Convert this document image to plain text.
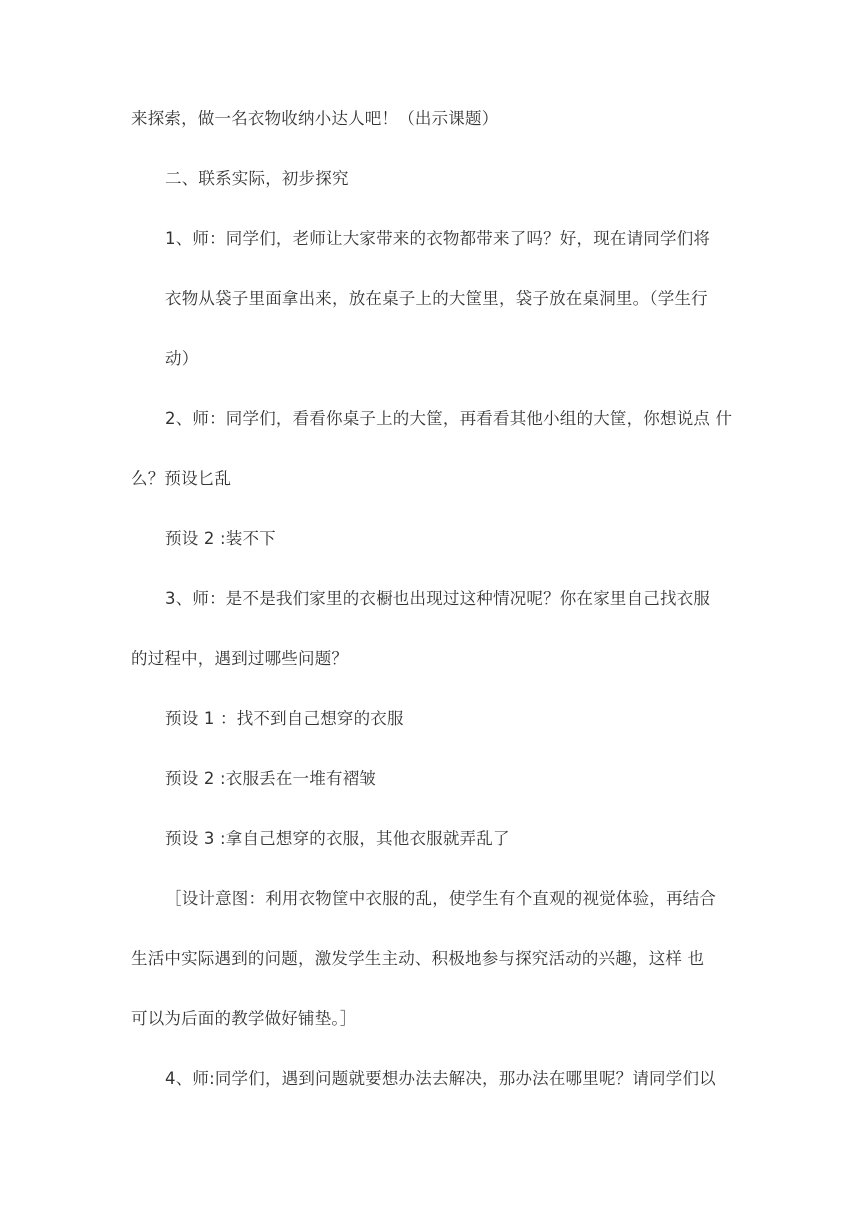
来探索，做一名衣物收纳小达人吧！（出示课题）
二、联系实际，初步探究
1、师：同学们，老师让大家带来的衣物都带来了吗？好，现在请同学们将
衣物从袋子里面拿出来，放在桌子上的大筐里，袋子放在桌洞里。（学生行
动）
2、师：同学们，看看你桌子上的大筐，再看看其他小组的大筐，你想说点 什
么？预设匕乱
预设 2 :装不下
3、师：是不是我们家里的衣橱也出现过这种情况呢？你在家里自己找衣服
的过程中，遇到过哪些问题？
预设 1 ：找不到自己想穿的衣服
预设 2 :衣服丢在一堆有褶皱
预设 3 :拿自己想穿的衣服，其他衣服就弄乱了
［设计意图：利用衣物筐中衣服的乱，使学生有个直观的视觉体验，再结合
生活中实际遇到的问题，激发学生主动、积极地参与探究活动的兴趣，这样 也
可以为后面的教学做好铺垫。］
4、师:同学们，遇到问题就要想办法去解决，那办法在哪里呢？请同学们以
